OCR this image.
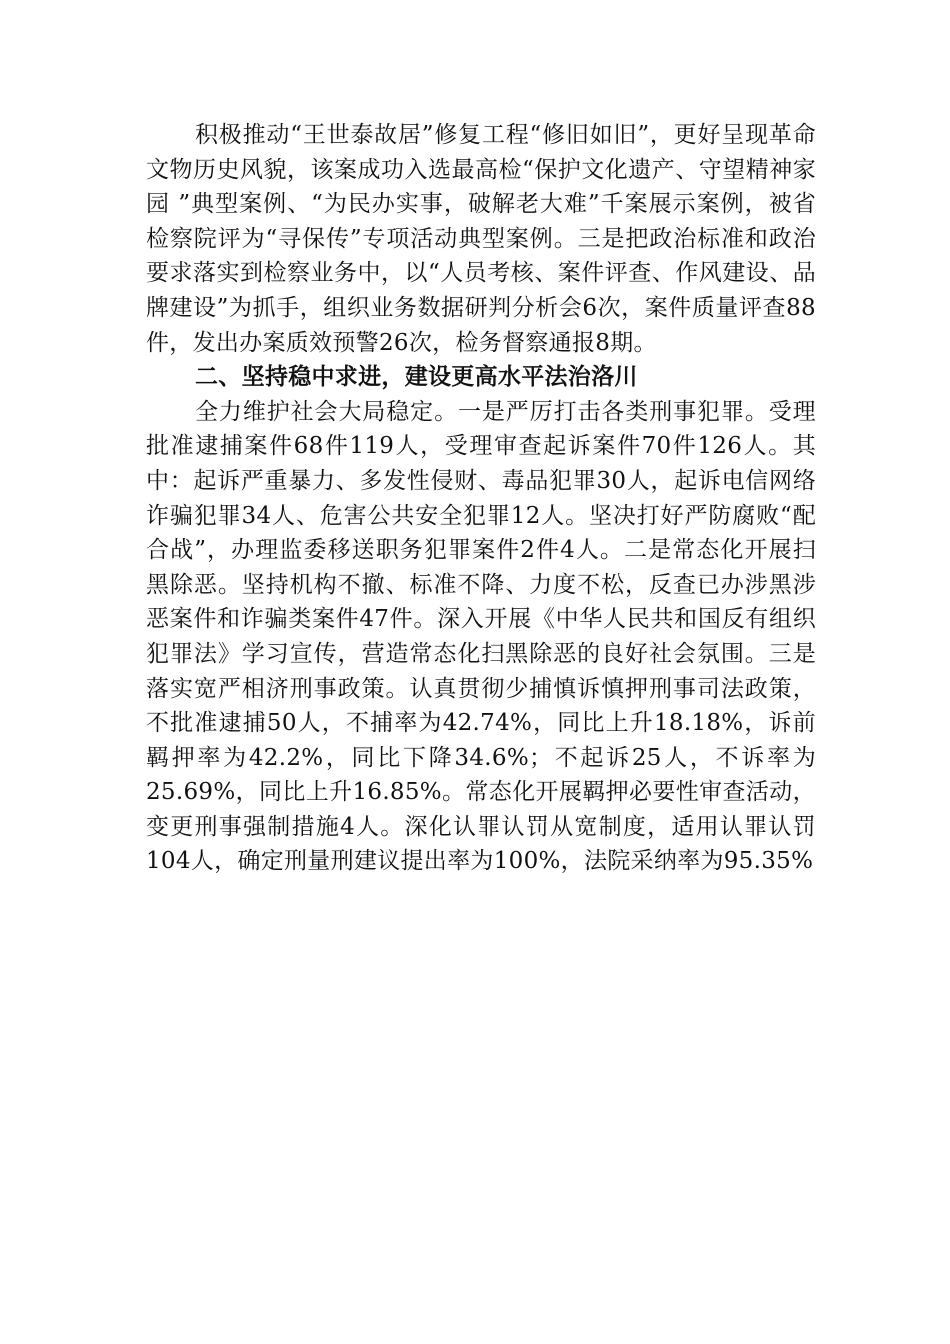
积极推动“王世泰故居”修复工程“修旧如旧”，更好呈现革命文物历史风貌，该案成功入选最高检“保护文化遗产、守望精神家园 ”典型案例、“为民办实事，破解老大难”千案展示案例，被省检察院评为“寻保传”专项活动典型案例。三是把政治标准和政治要求落实到检察业务中，以“人员考核、案件评查、作风建设、品牌建设”为抓手，组织业务数据研判分析会6次，案件质量评查88件，发出办案质效预警26次，检务督察通报8期。

二、坚持稳中求进，建设更高水平法治洛川

全力维护社会大局稳定。一是严厉打击各类刑事犯罪。受理批准逮捕案件68件119人，受理审查起诉案件70件126人。其中：起诉严重暴力、多发性侵财、毒品犯罪30人，起诉电信网络诈骗犯罪34人、危害公共安全犯罪12人。坚决打好严防腐败“配合战”，办理监委移送职务犯罪案件2件4人。二是常态化开展扫黑除恶。坚持机构不撤、标准不降、力度不松，反查已办涉黑涉恶案件和诈骗类案件47件。深入开展《中华人民共和国反有组织犯罪法》学习宣传，营造常态化扫黑除恶的良好社会氛围。三是落实宽严相济刑事政策。认真贯彻少捕慎诉慎押刑事司法政策，不批准逮捕50人，不捕率为42.74%，同比上升18.18%，诉前羁押率为42.2%，同比下降34.6%；不起诉25人，不诉率为25.69%，同比上升16.85%。常态化开展羁押必要性审查活动，变更刑事强制措施4人。深化认罪认罚从宽制度，适用认罪认罚104人，确定刑量刑建议提出率为100%，法院采纳率为95.35%
